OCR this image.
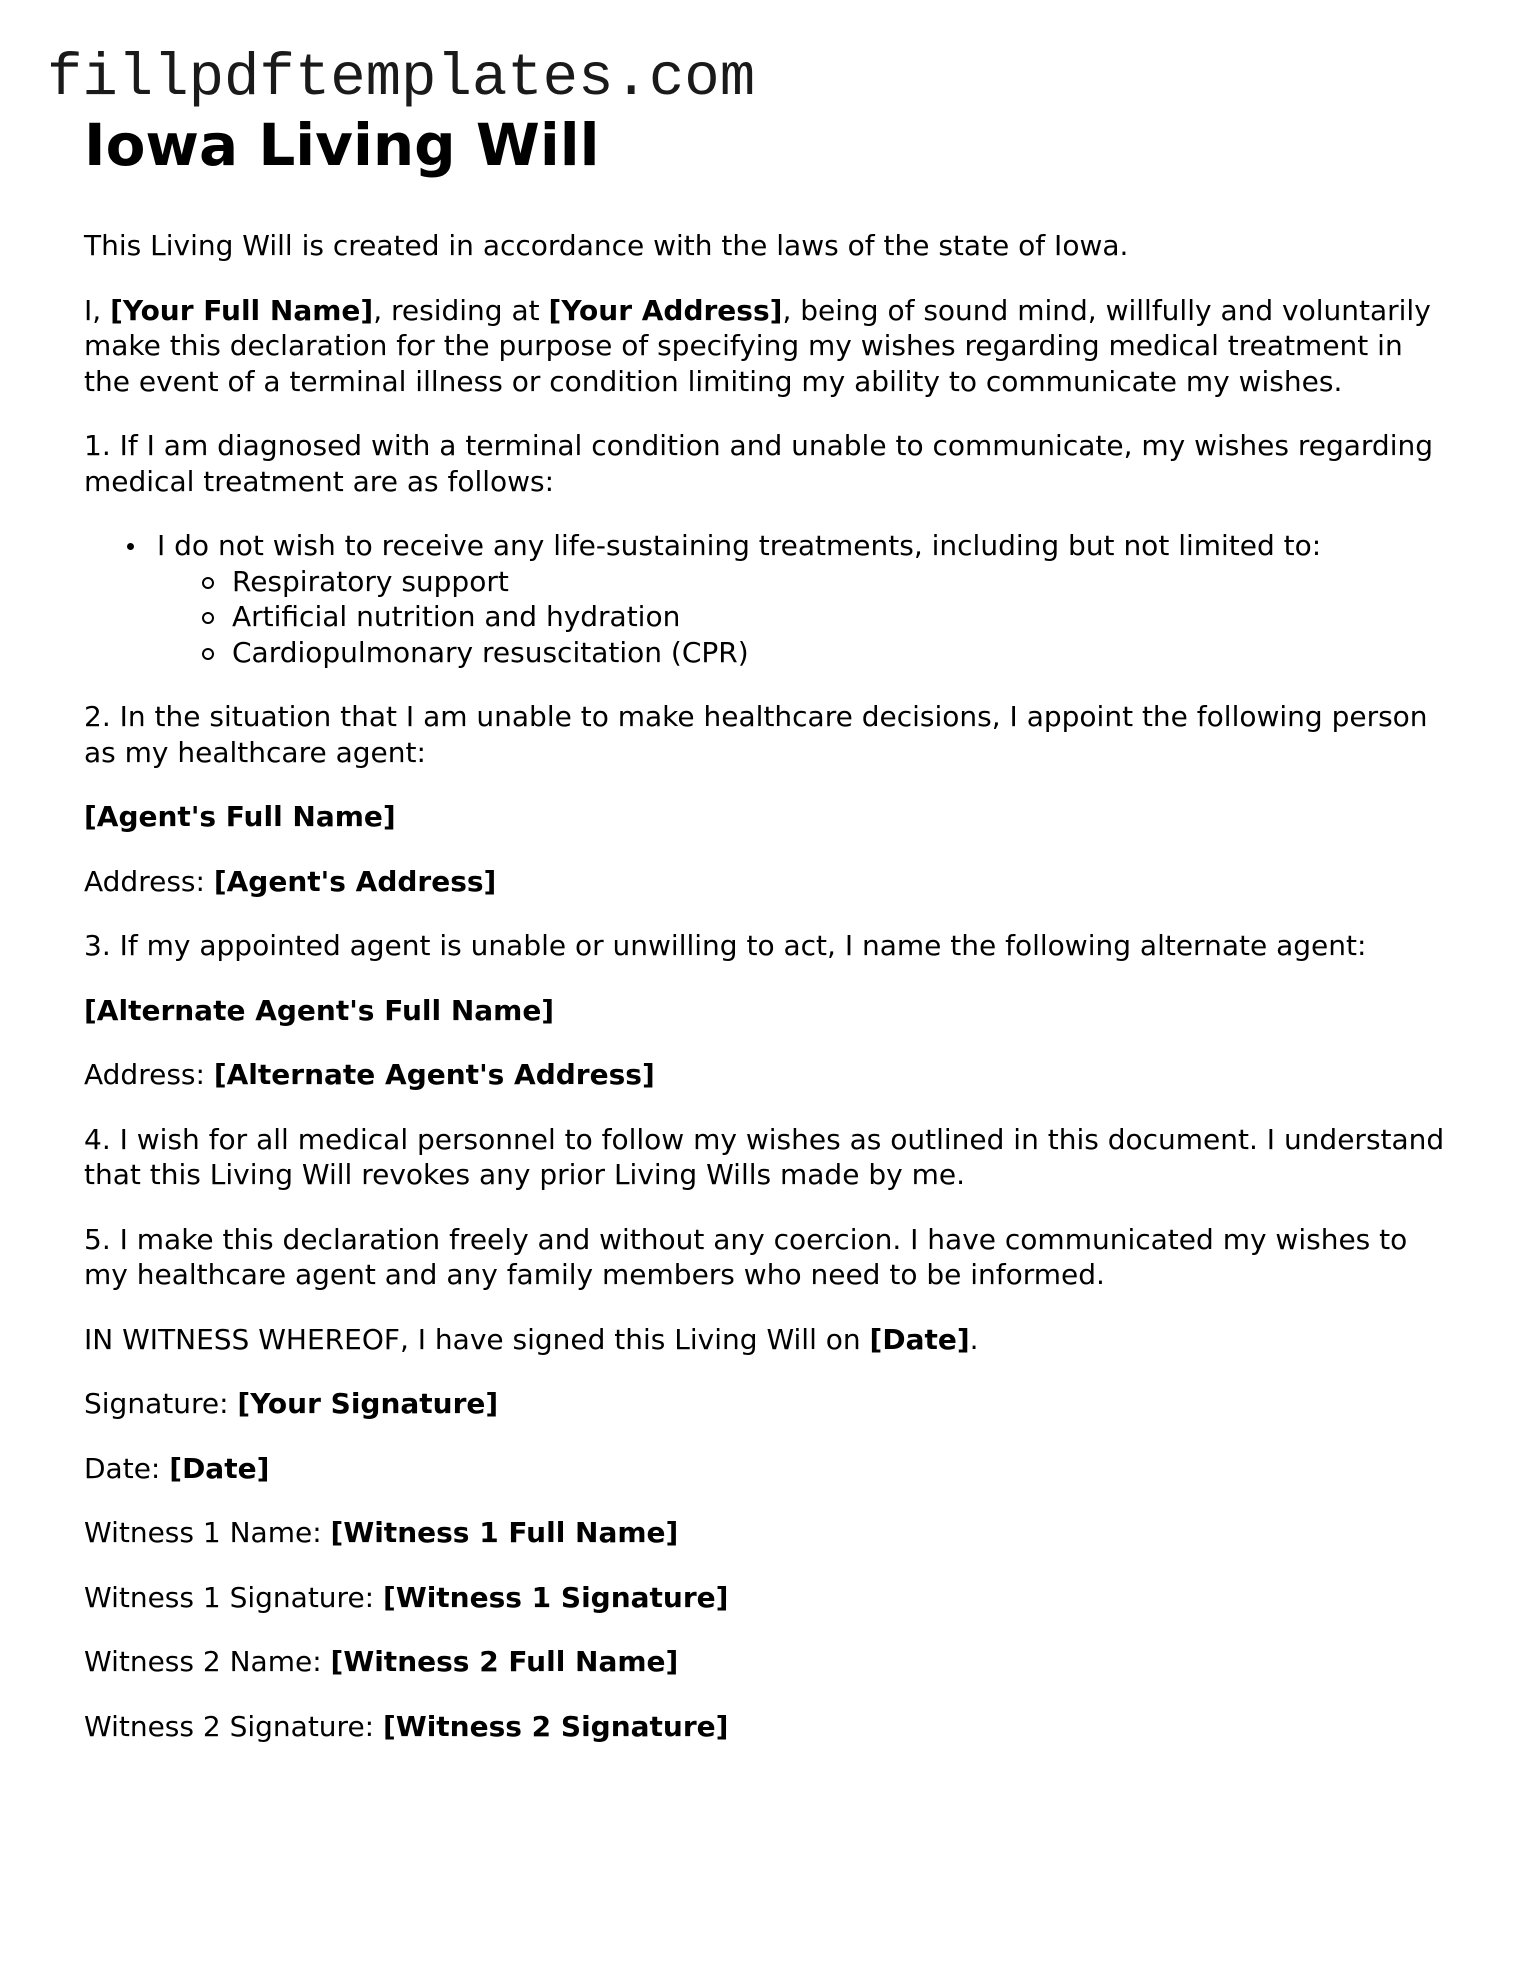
fillpdftemplates.com
Iowa Living Will

This Living Will is created in accordance with the laws of the state of Iowa.

I, [Your Full Name], residing at [Your Address], being of sound mind, willfully and voluntarily make this declaration for the purpose of specifying my wishes regarding medical treatment in the event of a terminal illness or condition limiting my ability to communicate my wishes.

1. If I am diagnosed with a terminal condition and unable to communicate, my wishes regarding medical treatment are as follows:

I do not wish to receive any life-sustaining treatments, including but not limited to:
Respiratory support
Artificial nutrition and hydration
Cardiopulmonary resuscitation (CPR)

2. In the situation that I am unable to make healthcare decisions, I appoint the following person as my healthcare agent:

[Agent's Full Name]

Address: [Agent's Address]

3. If my appointed agent is unable or unwilling to act, I name the following alternate agent:

[Alternate Agent's Full Name]

Address: [Alternate Agent's Address]

4. I wish for all medical personnel to follow my wishes as outlined in this document. I understand that this Living Will revokes any prior Living Wills made by me.

5. I make this declaration freely and without any coercion. I have communicated my wishes to my healthcare agent and any family members who need to be informed.

IN WITNESS WHEREOF, I have signed this Living Will on [Date].

Signature: [Your Signature]

Date: [Date]

Witness 1 Name: [Witness 1 Full Name]

Witness 1 Signature: [Witness 1 Signature]

Witness 2 Name: [Witness 2 Full Name]

Witness 2 Signature: [Witness 2 Signature]
